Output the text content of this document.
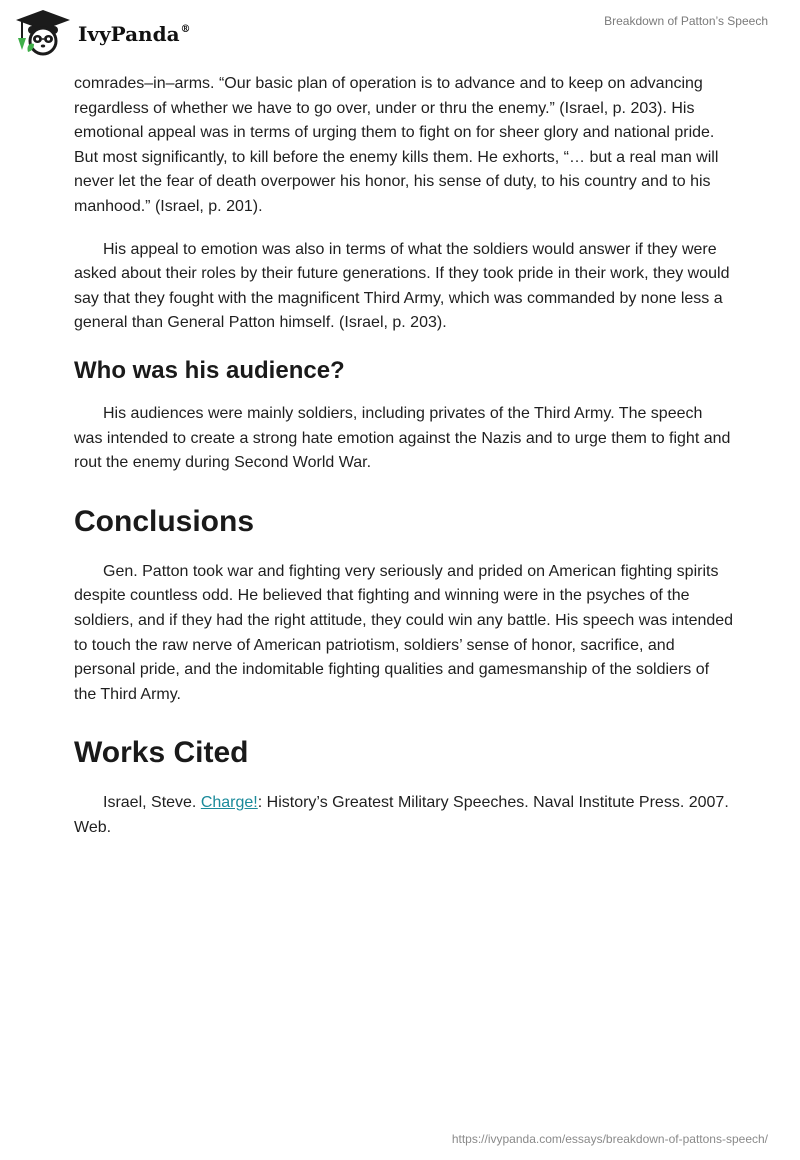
IvyPanda®
Breakdown of Patton’s Speech

comrades–in–arms. “Our basic plan of operation is to advance and to keep on advancing regardless of whether we have to go over, under or thru the enemy.” (Israel, p. 203). His emotional appeal was in terms of urging them to fight on for sheer glory and national pride. But most significantly, to kill before the enemy kills them. He exhorts, “… but a real man will never let the fear of death overpower his honor, his sense of duty, to his country and to his manhood.” (Israel, p. 201).

His appeal to emotion was also in terms of what the soldiers would answer if they were asked about their roles by their future generations. If they took pride in their work, they would say that they fought with the magnificent Third Army, which was commanded by none less a general than General Patton himself. (Israel, p. 203).

Who was his audience?

His audiences were mainly soldiers, including privates of the Third Army. The speech was intended to create a strong hate emotion against the Nazis and to urge them to fight and rout the enemy during Second World War.

Conclusions

Gen. Patton took war and fighting very seriously and prided on American fighting spirits despite countless odd. He believed that fighting and winning were in the psyches of the soldiers, and if they had the right attitude, they could win any battle. His speech was intended to touch the raw nerve of American patriotism, soldiers’ sense of honor, sacrifice, and personal pride, and the indomitable fighting qualities and gamesmanship of the soldiers of the Third Army.

Works Cited

Israel, Steve. Charge!: History’s Greatest Military Speeches. Naval Institute Press. 2007. Web.

https://ivypanda.com/essays/breakdown-of-pattons-speech/
